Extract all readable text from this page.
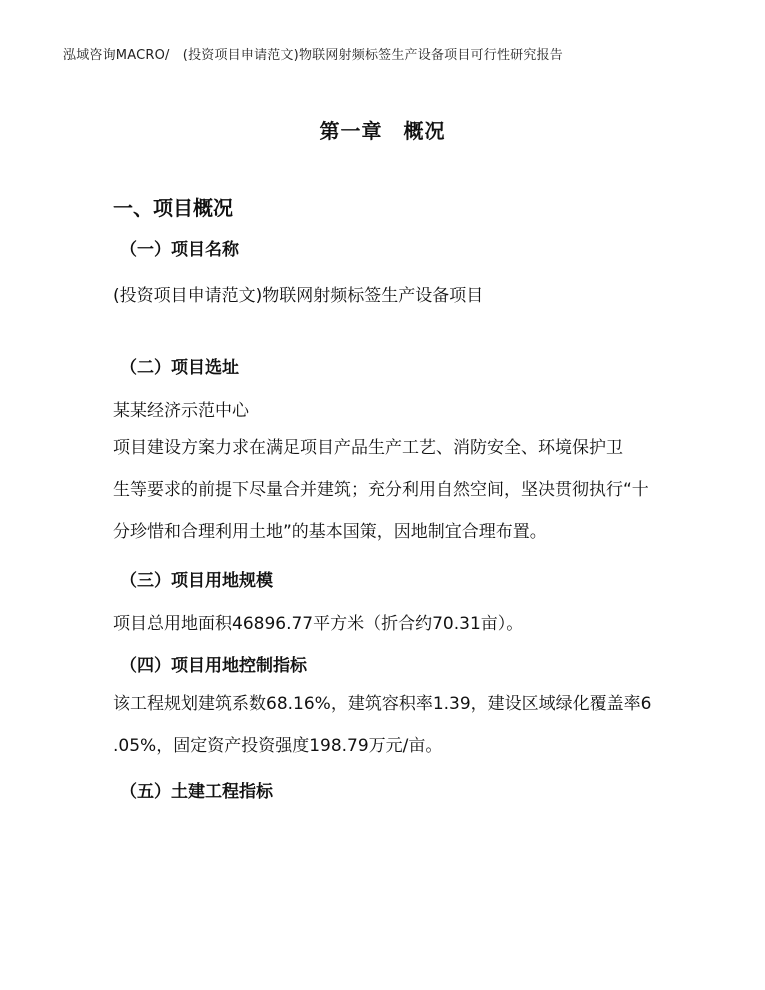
泓域咨询MACRO/　(投资项目申请范文)物联网射频标签生产设备项目可行性研究报告
第一章　概况
一、项目概况
（一）项目名称
(投资项目申请范文)物联网射频标签生产设备项目
（二）项目选址
某某经济示范中心
项目建设方案力求在满足项目产品生产工艺、消防安全、环境保护卫
生等要求的前提下尽量合并建筑；充分利用自然空间，坚决贯彻执行“十
分珍惜和合理利用土地”的基本国策，因地制宜合理布置。
（三）项目用地规模
项目总用地面积46896.77平方米（折合约70.31亩）。
（四）项目用地控制指标
该工程规划建筑系数68.16%，建筑容积率1.39，建设区域绿化覆盖率6
.05%，固定资产投资强度198.79万元/亩。
（五）土建工程指标
